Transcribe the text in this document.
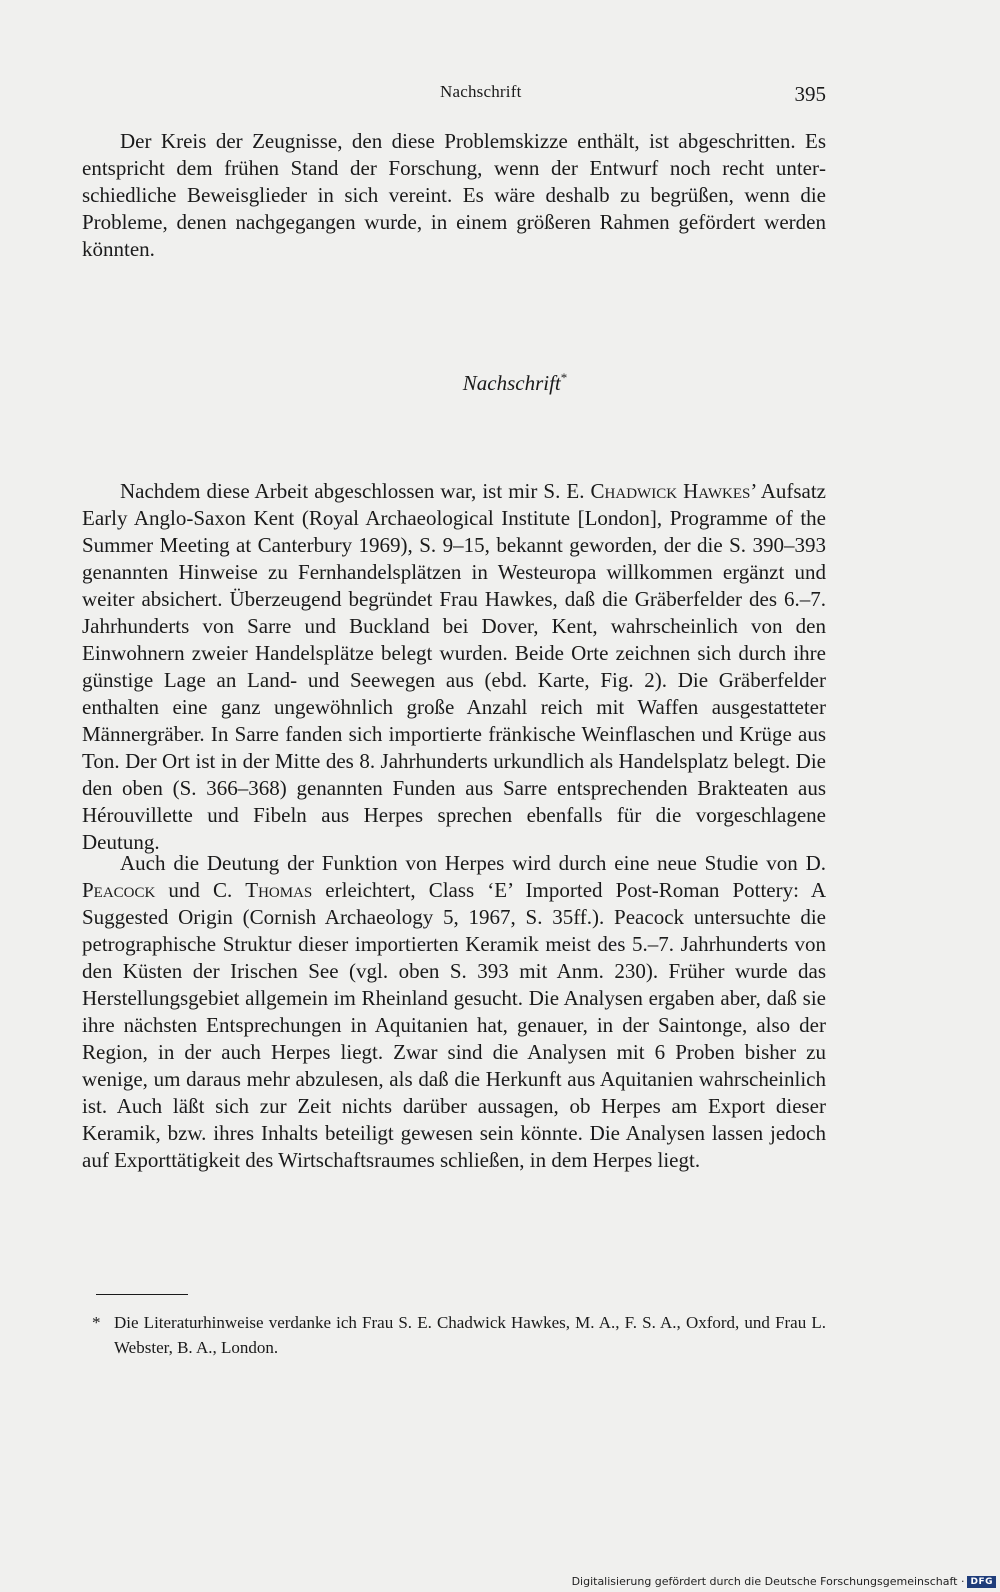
Nachschrift	395

Der Kreis der Zeugnisse, den diese Problemskizze enthält, ist abgeschritten. Es entspricht dem frühen Stand der Forschung, wenn der Entwurf noch recht unterschiedliche Beweisglieder in sich vereint. Es wäre deshalb zu begrüßen, wenn die Probleme, denen nachgegangen wurde, in einem größeren Rahmen gefördert werden könnten.

Nachschrift*

Nachdem diese Arbeit abgeschlossen war, ist mir S. E. Chadwick Hawkes’ Aufsatz Early Anglo-Saxon Kent (Royal Archaeological Institute [London], Programme of the Summer Meeting at Canterbury 1969), S. 9–15, bekannt geworden, der die S. 390–393 genannten Hinweise zu Fernhandelsplätzen in Westeuropa willkommen ergänzt und weiter absichert. Überzeugend begründet Frau Hawkes, daß die Gräberfelder des 6.–7. Jahrhunderts von Sarre und Buckland bei Dover, Kent, wahrscheinlich von den Einwohnern zweier Handelsplätze belegt wurden. Beide Orte zeichnen sich durch ihre günstige Lage an Land- und Seewegen aus (ebd. Karte, Fig. 2). Die Gräberfelder enthalten eine ganz ungewöhnlich große Anzahl reich mit Waffen ausgestatteter Männergräber. In Sarre fanden sich importierte fränkische Weinflaschen und Krüge aus Ton. Der Ort ist in der Mitte des 8. Jahrhunderts urkundlich als Handelsplatz belegt. Die den oben (S. 366–368) genannten Funden aus Sarre entsprechenden Brakteaten aus Hérouvillette und Fibeln aus Herpes sprechen ebenfalls für die vorgeschlagene Deutung.

Auch die Deutung der Funktion von Herpes wird durch eine neue Studie von D. Peacock und C. Thomas erleichtert, Class ‘E’ Imported Post-Roman Pottery: A Suggested Origin (Cornish Archaeology 5, 1967, S. 35ff.). Peacock untersuchte die petrographische Struktur dieser importierten Keramik meist des 5.–7. Jahrhunderts von den Küsten der Irischen See (vgl. oben S. 393 mit Anm. 230). Früher wurde das Herstellungsgebiet allgemein im Rheinland gesucht. Die Analysen ergaben aber, daß sie ihre nächsten Entsprechungen in Aquitanien hat, genauer, in der Saintonge, also der Region, in der auch Herpes liegt. Zwar sind die Analysen mit 6 Proben bisher zu wenige, um daraus mehr abzulesen, als daß die Herkunft aus Aquitanien wahrscheinlich ist. Auch läßt sich zur Zeit nichts darüber aussagen, ob Herpes am Export dieser Keramik, bzw. ihres Inhalts beteiligt gewesen sein könnte. Die Analysen lassen jedoch auf Exporttätigkeit des Wirtschaftsraumes schließen, in dem Herpes liegt.

* Die Literaturhinweise verdanke ich Frau S. E. Chadwick Hawkes, M. A., F. S. A., Oxford, und Frau L. Webster, B. A., London.

Digitalisierung gefördert durch die Deutsche Forschungsgemeinschaft · DFG
